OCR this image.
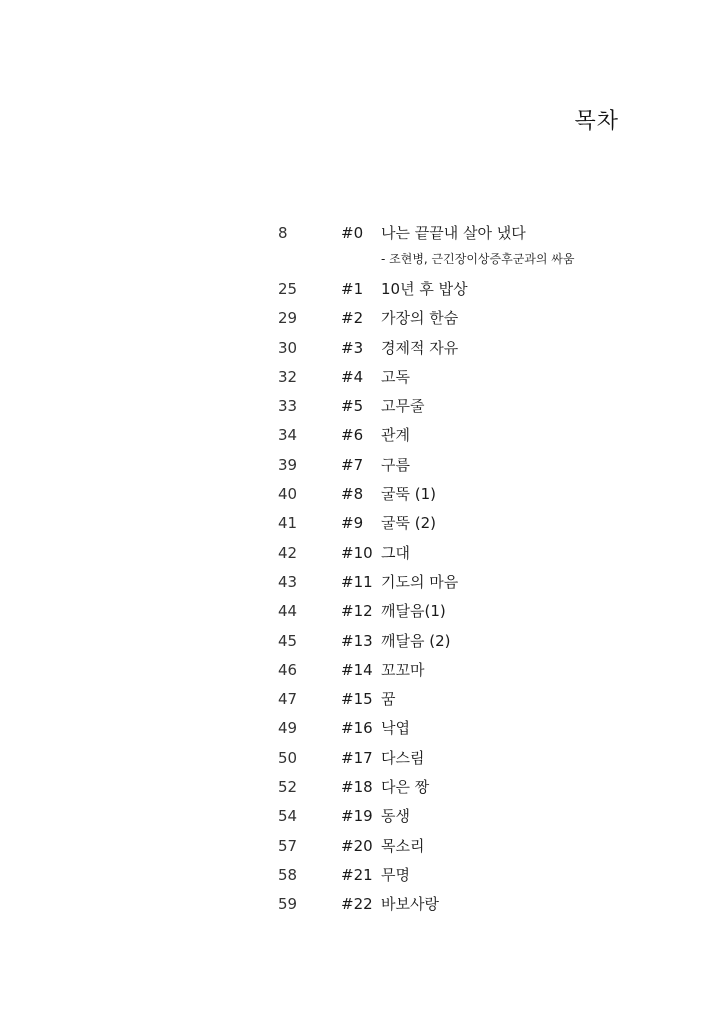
목차
8	#0 나는 끝끝내 살아 냈다
- 조현병, 근긴장이상증후군과의 싸움
25	#1 10년 후 밥상
29	#2 가장의 한숨
30	#3 경제적 자유
32	#4 고독
33	#5 고무줄
34	#6 관계
39	#7 구름
40	#8 굴뚝 (1)
41	#9 굴뚝 (2)
42	#10 그대
43	#11 기도의 마음
44	#12 깨달음(1)
45	#13 깨달음 (2)
46	#14 꼬꼬마
47	#15 꿈
49	#16 낙엽
50	#17 다스림
52	#18 다은 짱
54	#19 동생
57	#20 목소리
58	#21 무명
59	#22 바보사랑
